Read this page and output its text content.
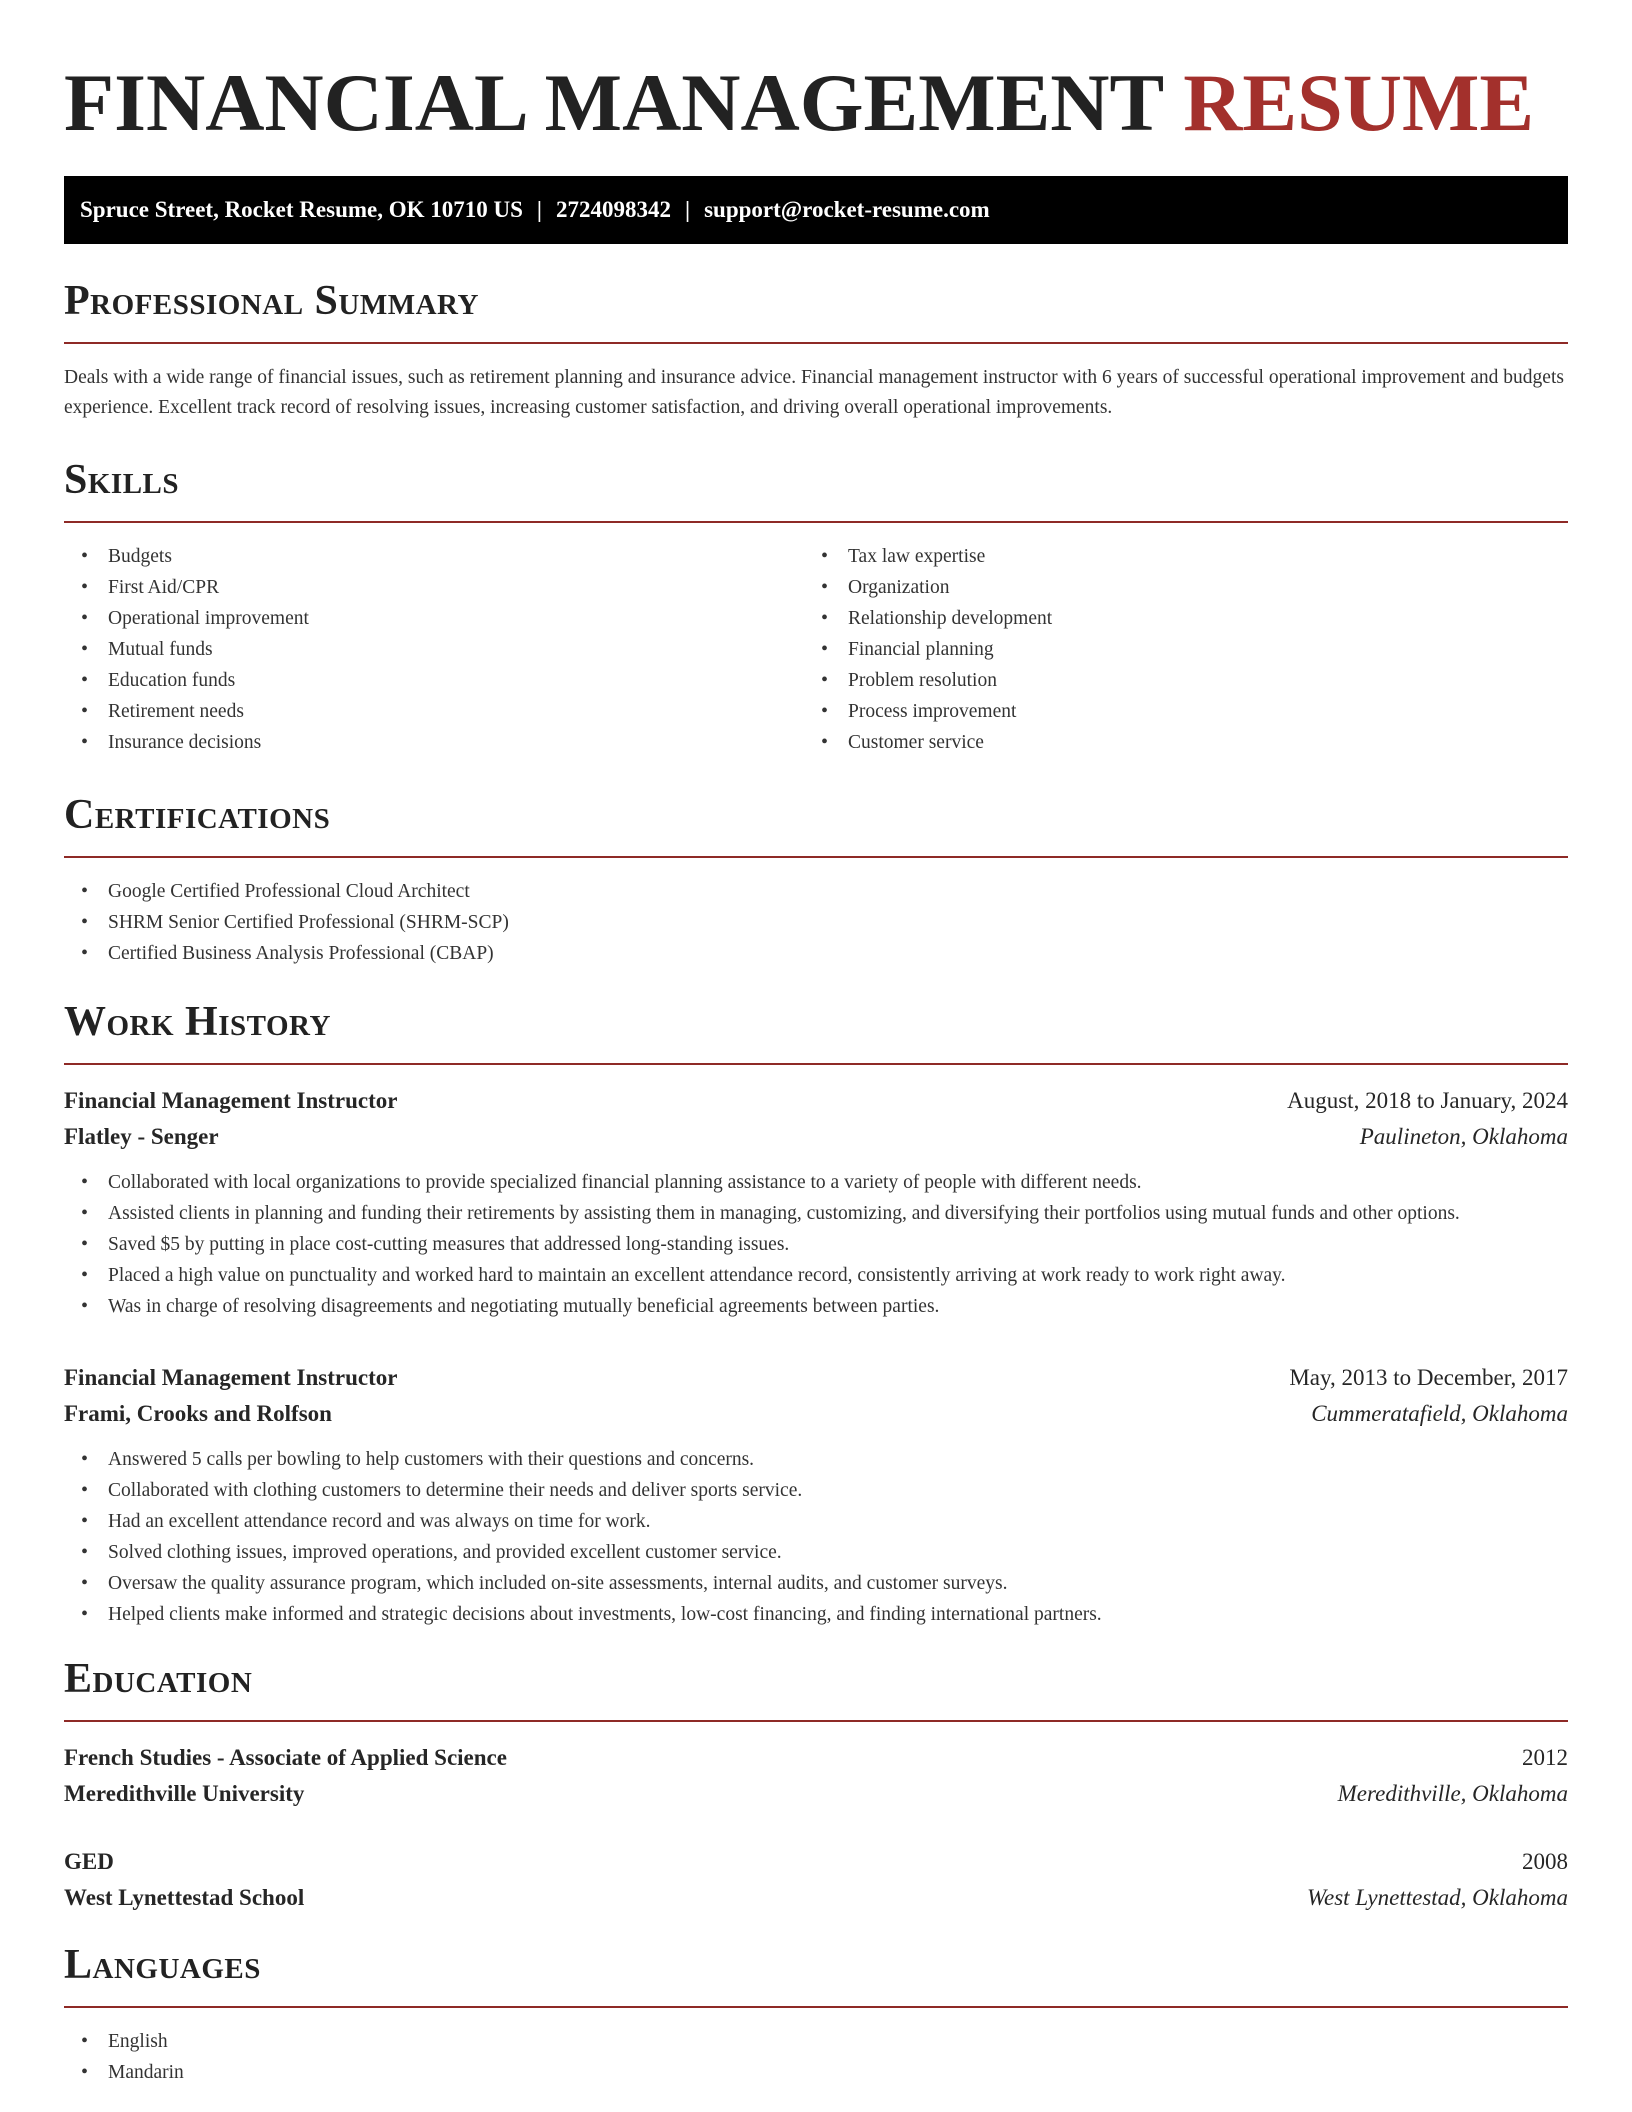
FINANCIAL MANAGEMENT RESUME
Spruce Street, Rocket Resume, OK 10710 US | 2724098342 | support@rocket-resume.com
Professional Summary

Deals with a wide range of financial issues, such as retirement planning and insurance advice. Financial management instructor with 6 years of successful operational improvement and budgets experience. Excellent track record of resolving issues, increasing customer satisfaction, and driving overall operational improvements.

Skills
• Budgets
• First Aid/CPR
• Operational improvement
• Mutual funds
• Education funds
• Retirement needs
• Insurance decisions
• Tax law expertise
• Organization
• Relationship development
• Financial planning
• Problem resolution
• Process improvement
• Customer service
Certifications
• Google Certified Professional Cloud Architect
• SHRM Senior Certified Professional (SHRM-SCP)
• Certified Business Analysis Professional (CBAP)
Work History
Financial Management Instructor	August, 2018 to January, 2024
Flatley - Senger	Paulineton, Oklahoma
• Collaborated with local organizations to provide specialized financial planning assistance to a variety of people with different needs.
• Assisted clients in planning and funding their retirements by assisting them in managing, customizing, and diversifying their portfolios using mutual funds and other options.
• Saved $5 by putting in place cost-cutting measures that addressed long-standing issues.
• Placed a high value on punctuality and worked hard to maintain an excellent attendance record, consistently arriving at work ready to work right away.
• Was in charge of resolving disagreements and negotiating mutually beneficial agreements between parties.
Financial Management Instructor	May, 2013 to December, 2017
Frami, Crooks and Rolfson	Cummeratafield, Oklahoma
• Answered 5 calls per bowling to help customers with their questions and concerns.
• Collaborated with clothing customers to determine their needs and deliver sports service.
• Had an excellent attendance record and was always on time for work.
• Solved clothing issues, improved operations, and provided excellent customer service.
• Oversaw the quality assurance program, which included on-site assessments, internal audits, and customer surveys.
• Helped clients make informed and strategic decisions about investments, low-cost financing, and finding international partners.
Education
French Studies - Associate of Applied Science	2012
Meredithville University	Meredithville, Oklahoma
GED	2008
West Lynettestad School	West Lynettestad, Oklahoma
Languages
• English
• Mandarin
